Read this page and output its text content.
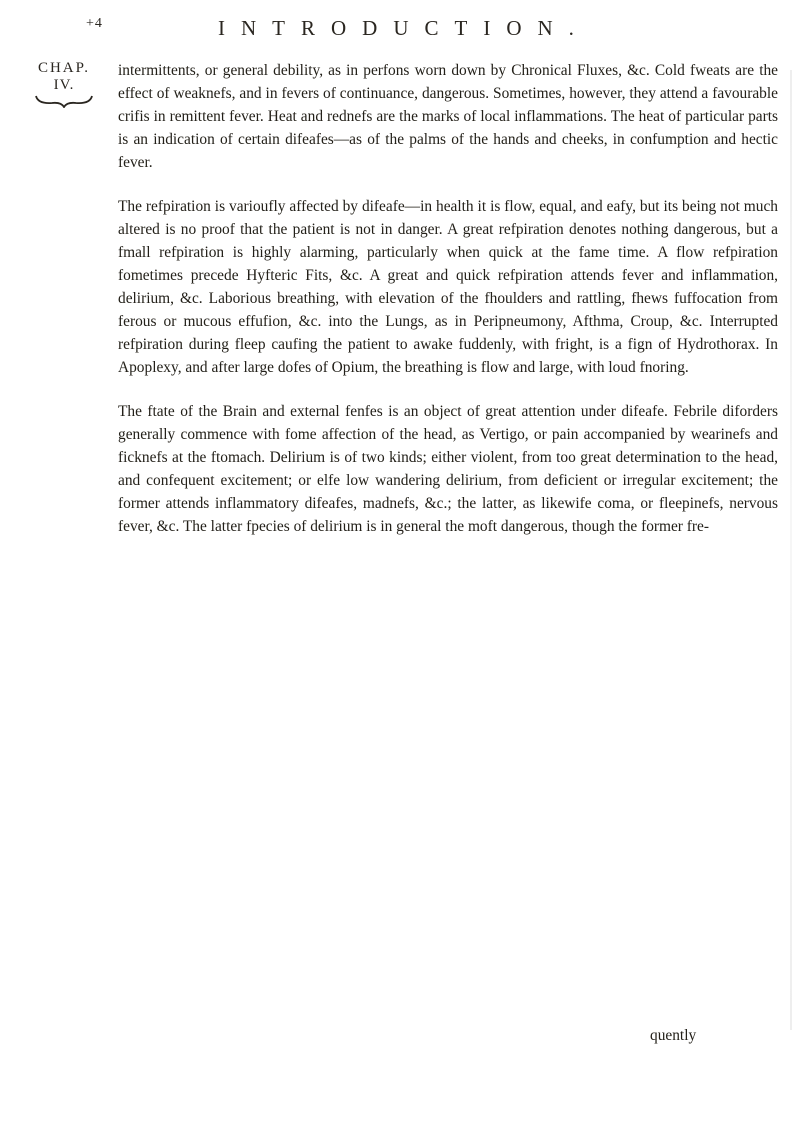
+4	INTRODUCTION.
CHAP.
IV.

intermittents, or general debility, as in perfons worn down by Chronical Fluxes, &c. Cold fweats are the effect of weaknefs, and in fevers of continuance, dangerous. Sometimes, however, they attend a favourable crifis in remittent fever. Heat and rednefs are the marks of local inflammations. The heat of particular parts is an indication of certain difeafes—as of the palms of the hands and cheeks, in confumption and hectic fever.

The refpiration is varioufly affected by difeafe—in health it is flow, equal, and eafy, but its being not much altered is no proof that the patient is not in danger. A great refpiration denotes nothing dangerous, but a fmall refpiration is highly alarming, particularly when quick at the fame time. A flow refpiration fometimes precede Hyfteric Fits, &c. A great and quick refpiration attends fever and inflammation, delirium, &c. Laborious breathing, with elevation of the fhoulders and rattling, fhews fuffocation from ferous or mucous effufion, &c. into the Lungs, as in Peripneumony, Afthma, Croup, &c. Interrupted refpiration during fleep caufing the patient to awake fuddenly, with fright, is a fign of Hydrothorax. In Apoplexy, and after large dofes of Opium, the breathing is flow and large, with loud fnoring.

The ftate of the Brain and external fenfes is an object of great attention under difeafe. Febrile diforders generally commence with fome affection of the head, as Vertigo, or pain accompanied by wearinefs and ficknefs at the ftomach. Delirium is of two kinds; either violent, from too great determination to the head, and confequent excitement; or elfe low wandering delirium, from deficient or irregular excitement; the former attends inflammatory difeafes, madnefs, &c.; the latter, as likewife coma, or fleepinefs, nervous fever, &c. The latter fpecies of delirium is in general the moft dangerous, though the former fre-

quently
